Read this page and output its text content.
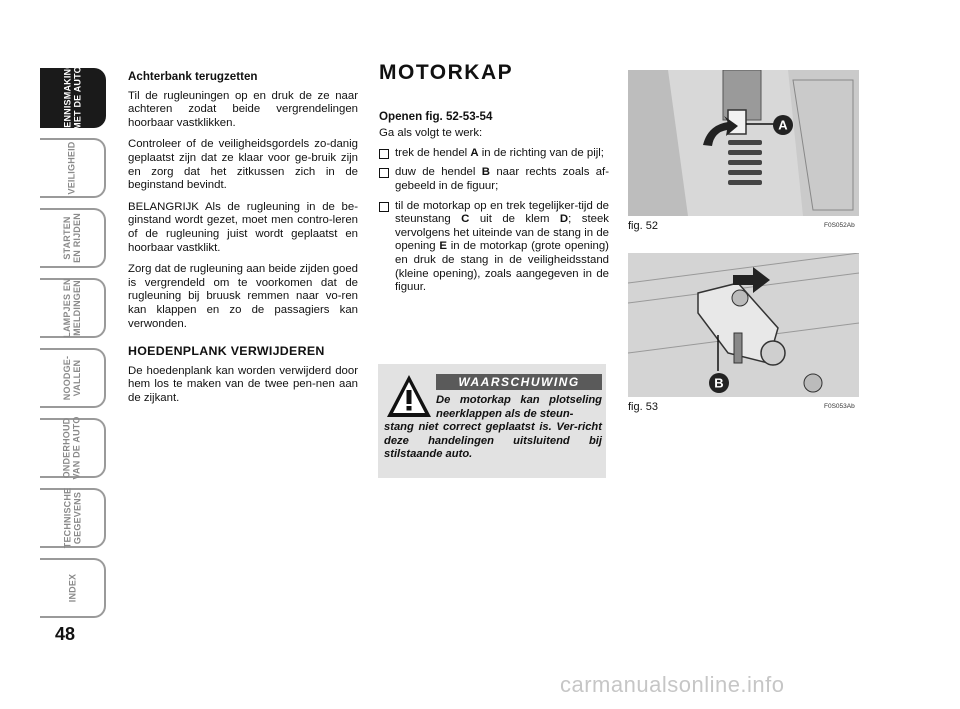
KENNISMAKING
MET DE AUTO
VEILIGHEID
STARTEN
EN RIJDEN
LAMPJES EN
MELDINGEN
NOODGE-
VALLEN
ONDERHOUD
VAN DE AUTO
TECHNISCHE
GEGEVENS
INDEX
48
Achterbank terugzetten

Til de rugleuningen op en druk de ze naar achteren zodat beide vergrendelingen hoorbaar vastklikken.

Controleer of de veiligheidsgordels zo-danig geplaatst zijn dat ze klaar voor ge-bruik zijn en zorg dat het zitkussen zich in de beginstand bevindt.

BELANGRIJK Als de rugleuning in de be-ginstand wordt gezet, moet men contro-leren of de rugleuning juist wordt geplaatst en hoorbaar vastklikt.

Zorg dat de rugleuning aan beide zijden goed is vergrendeld om te voorkomen dat de rugleuning bij bruusk remmen naar vo-ren kan klappen en zo de passagiers kan verwonden.

HOEDENPLANK VERWIJDEREN

De hoedenplank kan worden verwijderd door hem los te maken van de twee pen-nen aan de zijkant.

MOTORKAP
Openen fig. 52-53-54

Ga als volgt te werk:

trek de hendel A in de richting van de pijl;
duw de hendel B naar rechts zoals af-gebeeld in de figuur;
til de motorkap op en trek tegelijker-tijd de steunstang C uit de klem D; steek vervolgens het uiteinde van de stang in de opening E in de motorkap (grote opening) en druk de stang in de veiligheidsstand (kleine opening), zoals aangegeven in de figuur.
WAARSCHUWING
De motorkap kan plotseling neerklappen als de steun-
stang niet correct geplaatst is. Ver-richt deze handelingen uitsluitend bij stilstaande auto.
A
fig. 52	F0S052Ab
B
fig. 53	F0S053Ab
carmanualsonline.info
